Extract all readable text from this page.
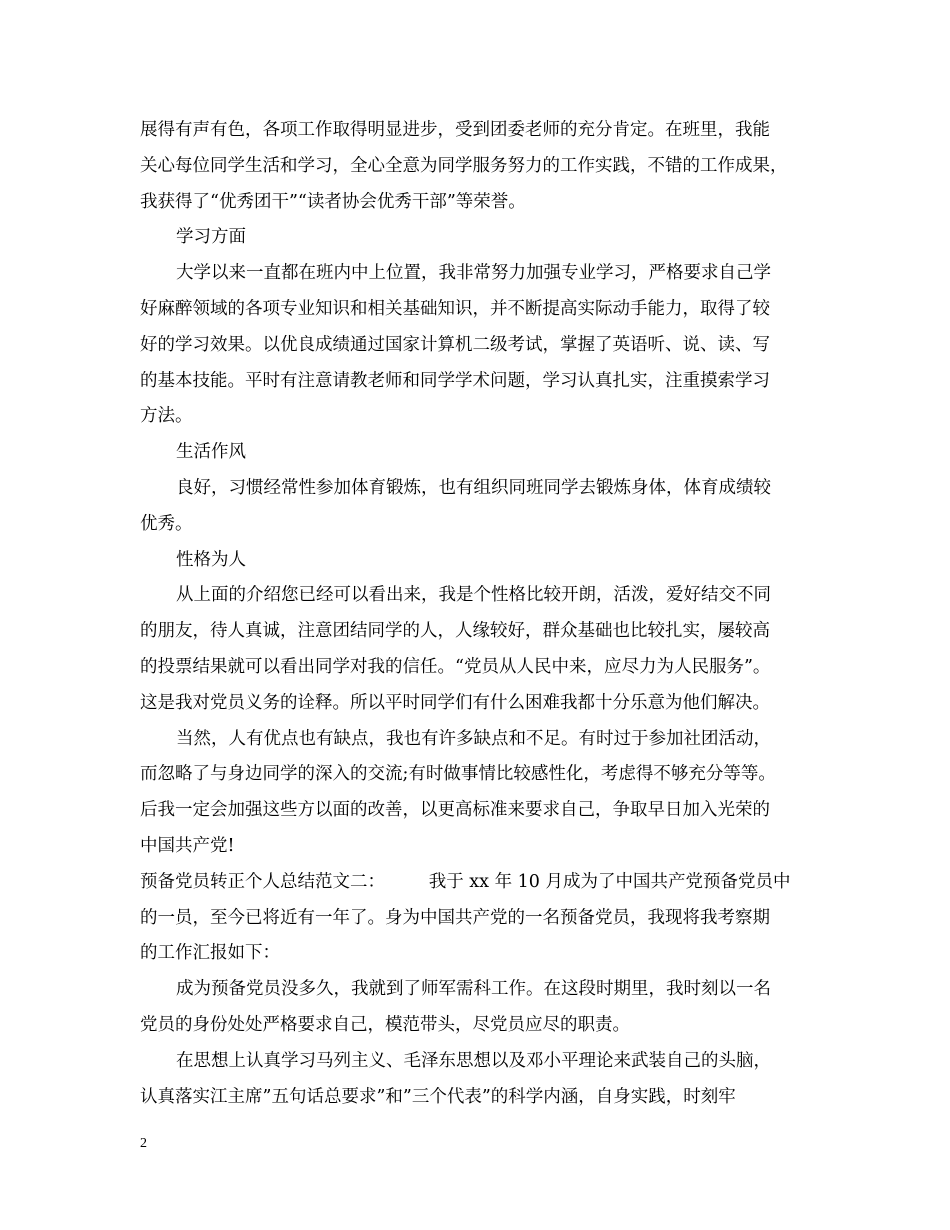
展得有声有色，各项工作取得明显进步，受到团委老师的充分肯定。在班里，我能
关心每位同学生活和学习，全心全意为同学服务努力的工作实践，不错的工作成果，
我获得了“优秀团干”“读者协会优秀干部”等荣誉。
学习方面
大学以来一直都在班内中上位置，我非常努力加强专业学习，严格要求自己学
好麻醉领域的各项专业知识和相关基础知识，并不断提高实际动手能力，取得了较
好的学习效果。以优良成绩通过国家计算机二级考试，掌握了英语听、说、读、写
的基本技能。平时有注意请教老师和同学学术问题，学习认真扎实，注重摸索学习
方法。
生活作风
良好，习惯经常性参加体育锻炼，也有组织同班同学去锻炼身体，体育成绩较
优秀。
性格为人
从上面的介绍您已经可以看出来，我是个性格比较开朗，活泼，爱好结交不同
的朋友，待人真诚，注意团结同学的人，人缘较好，群众基础也比较扎实，屡较高
的投票结果就可以看出同学对我的信任。“党员从人民中来，应尽力为人民服务”。
这是我对党员义务的诠释。所以平时同学们有什么困难我都十分乐意为他们解决。
当然，人有优点也有缺点，我也有许多缺点和不足。有时过于参加社团活动，
而忽略了与身边同学的深入的交流;有时做事情比较感性化，考虑得不够充分等等。
后我一定会加强这些方以面的改善，以更高标准来要求自己，争取早日加入光荣的
中国共产党!
预备党员转正个人总结范文二：　　　我于 xx 年 10 月成为了中国共产党预备党员中
的一员，至今已将近有一年了。身为中国共产党的一名预备党员，我现将我考察期
的工作汇报如下：
成为预备党员没多久，我就到了师军需科工作。在这段时期里，我时刻以一名
党员的身份处处严格要求自己，模范带头，尽党员应尽的职责。
在思想上认真学习马列主义、毛泽东思想以及邓小平理论来武装自己的头脑，
认真落实江主席”五句话总要求”和”三个代表”的科学内涵，自身实践，时刻牢
2
